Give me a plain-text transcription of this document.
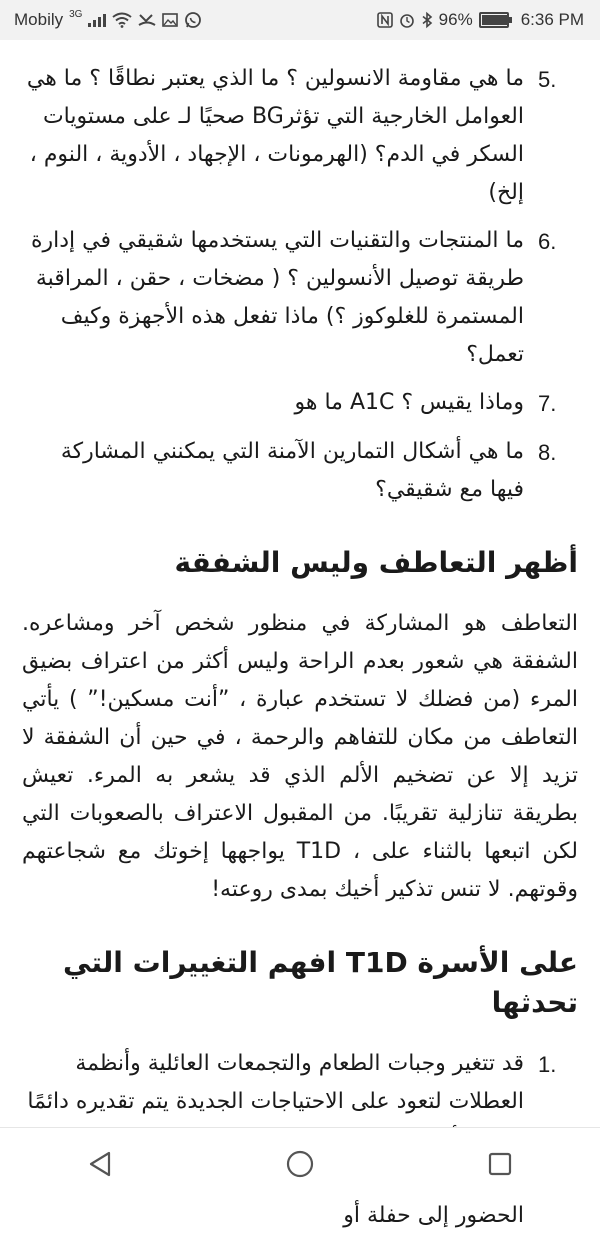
Mobily 3G	96%	6:36 PM
5.
ما هي مقاومة الانسولين ؟ ما الذي يعتبر نطاقًا ؟ ما هي العوامل الخارجية التي تؤثرBG صحيًا لـ على مستويات السكر في الدم؟ (الهرمونات ، الإجهاد ، الأدوية ، النوم ، إلخ)
6.
ما المنتجات والتقنيات التي يستخدمها شقيقي في إدارة طريقة توصيل الأنسولين ؟ ( مضخات ، حقن ، المراقبة المستمرة للغلوكوز ؟) ماذا تفعل هذه الأجهزة وكيف تعمل؟
7.
وماذا يقيس ؟ A1C ما هو
8.
ما هي أشكال التمارين الآمنة التي يمكنني المشاركة فيها مع شقيقي؟
أظهر التعاطف وليس الشفقة

التعاطف هو المشاركة في منظور شخص آخر ومشاعره. الشفقة هي شعور بعدم الراحة وليس أكثر من اعتراف بضيق المرء (من فضلك لا تستخدم عبارة ، ”أنت مسكين!” ) يأتي التعاطف من مكان للتفاهم والرحمة ، في حين أن الشفقة لا تزيد إلا عن تضخيم الألم الذي قد يشعر به المرء. تعيش بطريقة تنازلية تقريبًا. من المقبول الاعتراف بالصعوبات التي لكن اتبعها بالثناء على ، T1D يواجهها إخوتك مع شجاعتهم وقوتهم. لا تنس تذكير أخيك بمدى روعته!

على الأسرة T1D افهم التغييرات التي تحدثها
1.
قد تتغير وجبات الطعام والتجمعات العائلية وأنظمة العطلات لتعود على الاحتياجات الجديدة يتم تقديره دائمًا الحضور إلى حفلة أو
